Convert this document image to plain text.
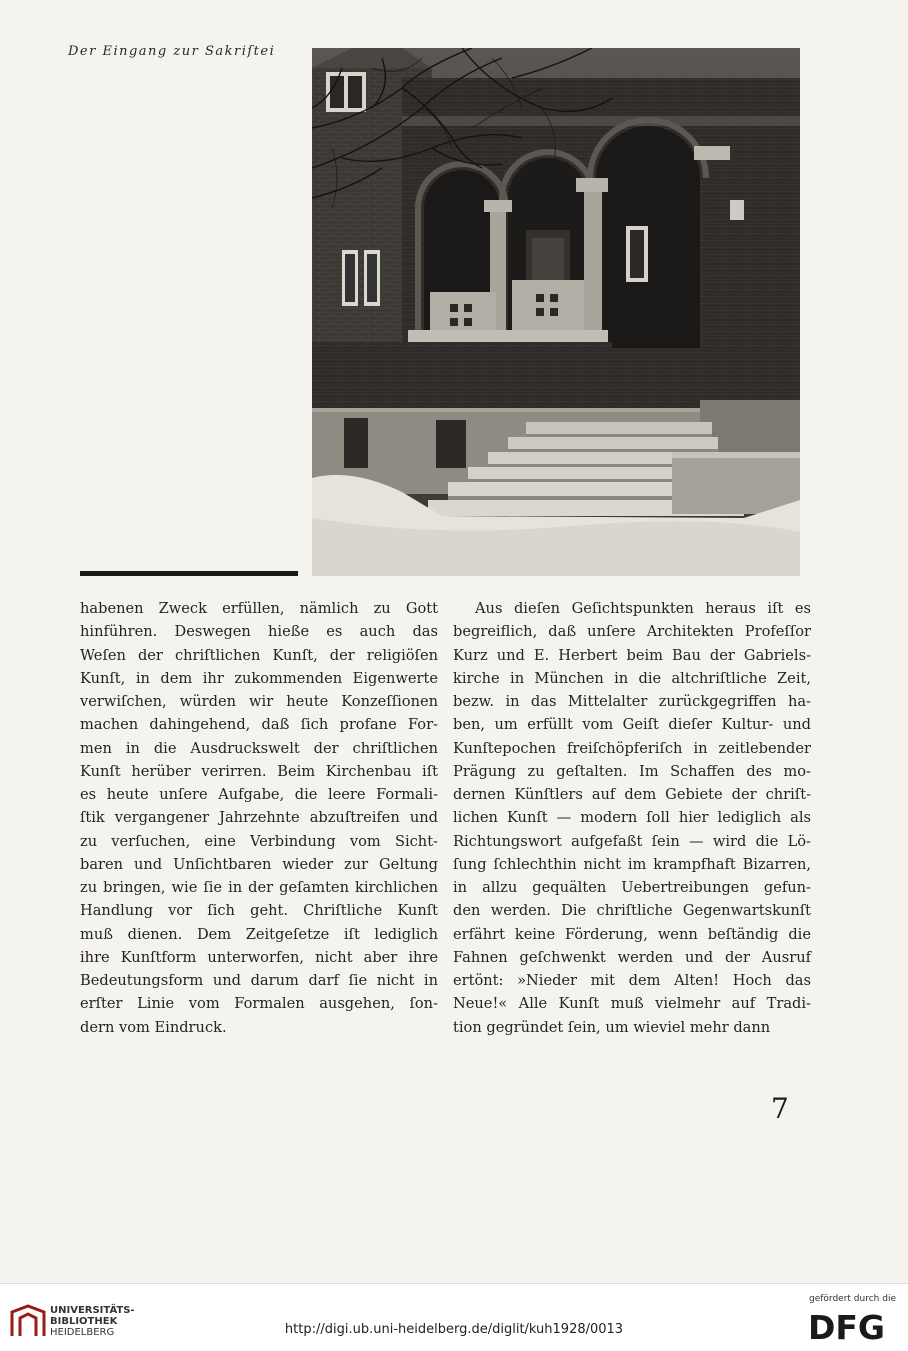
Der Eingang zur Sakriſtei
habenen Zweck erfüllen, nämlich zu Gott
hinführen. Deswegen hieße es auch das
Weſen der chriſtlichen Kunſt, der religiöſen
Kunſt, in dem ihr zukommenden Eigenwerte
verwiſchen, würden wir heute Konzeſſionen
machen dahingehend, daß ſich profane For-
men in die Ausdruckswelt der chriſtlichen
Kunſt herüber verirren. Beim Kirchenbau iſt
es heute unſere Aufgabe, die leere Formali-
ſtik vergangener Jahrzehnte abzuſtreifen und
zu verſuchen, eine Verbindung vom Sicht-
baren und Unſichtbaren wieder zur Geltung
zu bringen, wie ſie in der geſamten kirchlichen
Handlung vor ſich geht. Chriſtliche Kunſt
muß dienen. Dem Zeitgeſetze iſt lediglich
ihre Kunſtform unterworfen, nicht aber ihre
Bedeutungsform und darum darf ſie nicht in
erſter Linie vom Formalen ausgehen, ſon-
dern vom Eindruck.
Aus dieſen Geſichtspunkten heraus iſt es
begreiflich, daß unſere Architekten Profeſſor
Kurz und E. Herbert beim Bau der Gabriels-
kirche in München in die altchriſtliche Zeit,
bezw. in das Mittelalter zurückgegriffen ha-
ben, um erfüllt vom Geiſt dieſer Kultur- und
Kunſtepochen freiſchöpferiſch in zeitlebender
Prägung zu geſtalten. Im Schaffen des mo-
dernen Künſtlers auf dem Gebiete der chriſt-
lichen Kunſt — modern ſoll hier lediglich als
Richtungswort aufgefaßt ſein — wird die Lö-
ſung ſchlechthin nicht im krampfhaft Bizarren,
in allzu gequälten Uebertreibungen gefun-
den werden. Die chriſtliche Gegenwartskunſt
erfährt keine Förderung, wenn beſtändig die
Fahnen geſchwenkt werden und der Ausruf
ertönt: »Nieder mit dem Alten! Hoch das
Neue!« Alle Kunſt muß vielmehr auf Tradi-
tion gegründet ſein, um wieviel mehr dann
7
UNIVERSITÄTS-
BIBLIOTHEK
HEIDELBERG	http://digi.ub.uni-heidelberg.de/diglit/kuh1928/0013
gefördert durch die
DFG
